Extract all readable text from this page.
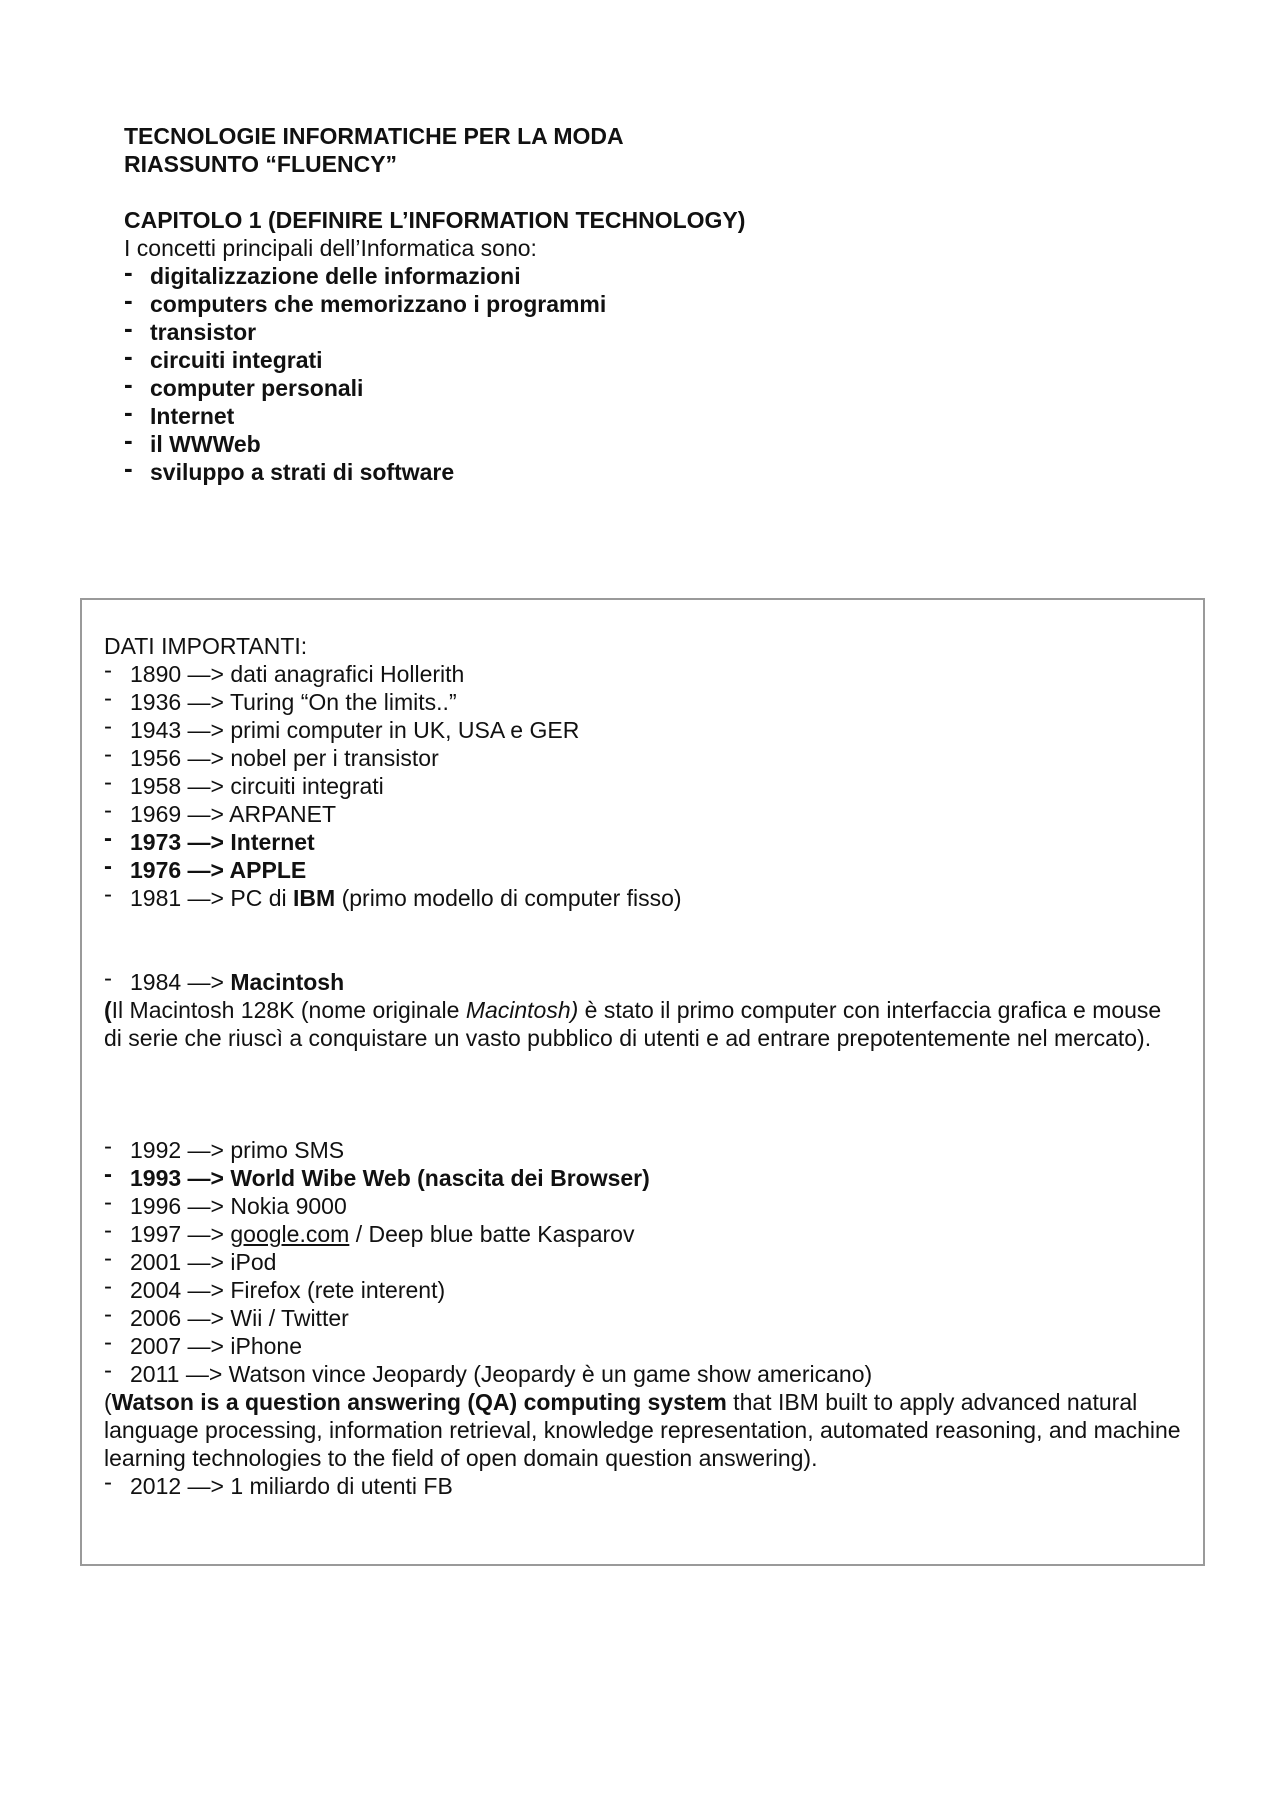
TECNOLOGIE INFORMATICHE PER LA MODA
RIASSUNTO “FLUENCY”
CAPITOLO 1 (DEFINIRE L’INFORMATION TECHNOLOGY)
I concetti principali dell’Informatica sono:
- digitalizzazione delle informazioni
- computers che memorizzano i programmi
- transistor
- circuiti integrati
- computer personali
- Internet
- il WWWeb
- sviluppo a strati di software
DATI IMPORTANTI:
- 1890 —> dati anagrafici Hollerith
- 1936 —> Turing “On the limits..”
- 1943 —> primi computer in UK, USA e GER
- 1956 —> nobel per i transistor
- 1958 —> circuiti integrati
- 1969 —> ARPANET
- 1973 —> Internet
- 1976 —> APPLE
- 1981 —> PC di IBM (primo modello di computer fisso)
- 1984 —> Macintosh
(Il Macintosh 128K (nome originale Macintosh) è stato il primo computer con interfaccia grafica e mouse di serie che riuscì a conquistare un vasto pubblico di utenti e ad entrare prepotentemente nel mercato).
- 1992 —> primo SMS
- 1993 —> World Wibe Web (nascita dei Browser)
- 1996 —> Nokia 9000
- 1997 —> google.com / Deep blue batte Kasparov
- 2001 —> iPod
- 2004 —> Firefox (rete interent)
- 2006 —> Wii / Twitter
- 2007 —> iPhone
- 2011 —> Watson vince Jeopardy (Jeopardy è un game show americano)
(Watson is a question answering (QA) computing system that IBM built to apply advanced natural language processing, information retrieval, knowledge representation, automated reasoning, and machine learning technologies to the field of open domain question answering).
- 2012 —> 1 miliardo di utenti FB
